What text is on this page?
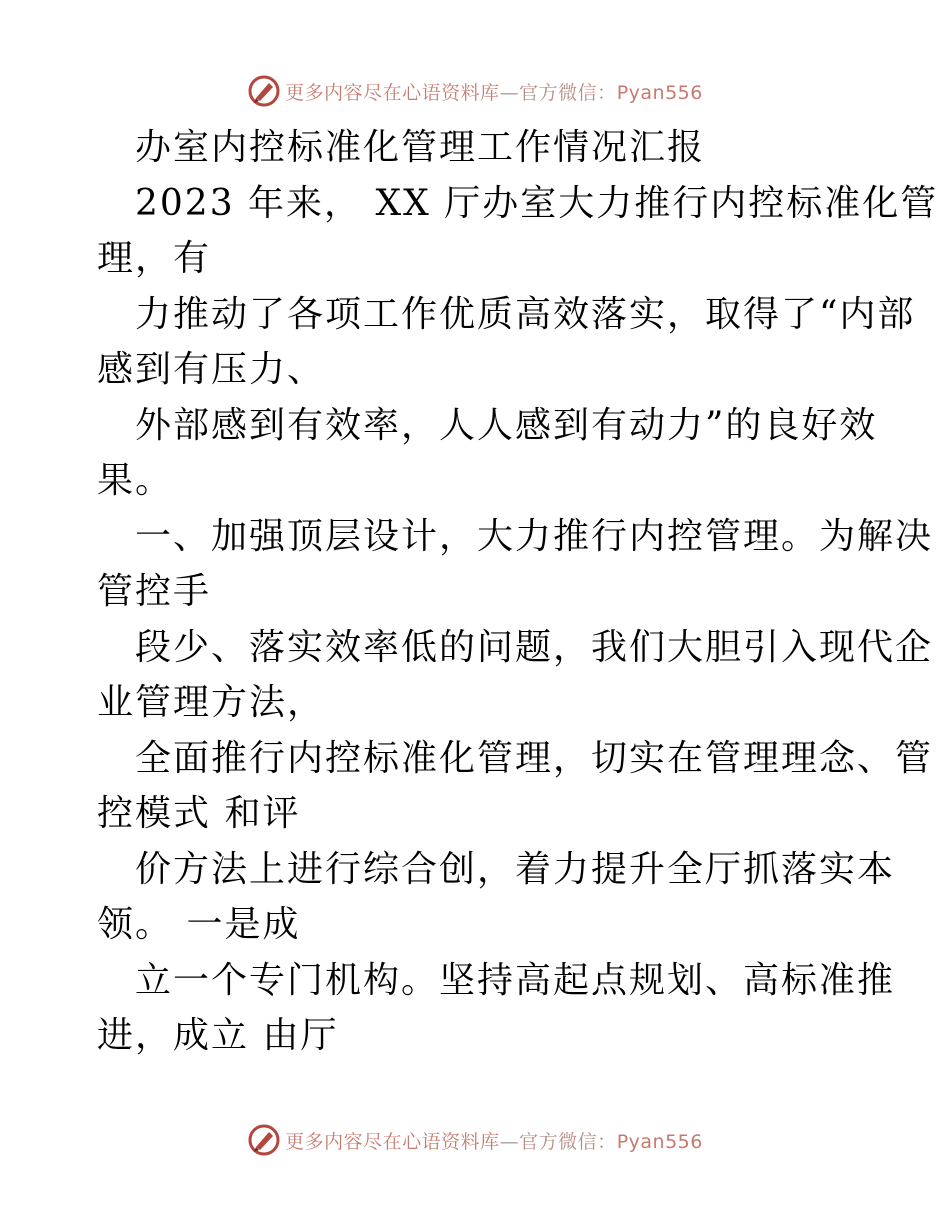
更多内容尽在心语资料库—官方微信：Pyan556
办室内控标准化管理工作情况汇报
2023 年来， XX 厅办室大力推行内控标准化管
理，有
力推动了各项工作优质高效落实，取得了“内部
感到有压力、
外部感到有效率，人人感到有动力”的良好效
果。
一、加强顶层设计，大力推行内控管理。为解决
管控手
段少、落实效率低的问题，我们大胆引入现代企
业管理方法，
全面推行内控标准化管理，切实在管理理念、管
控模式 和评
价方法上进行综合创，着力提升全厅抓落实本
领。 一是成
立一个专门机构。坚持高起点规划、高标准推
进，成立 由厅
更多内容尽在心语资料库—官方微信：Pyan556
